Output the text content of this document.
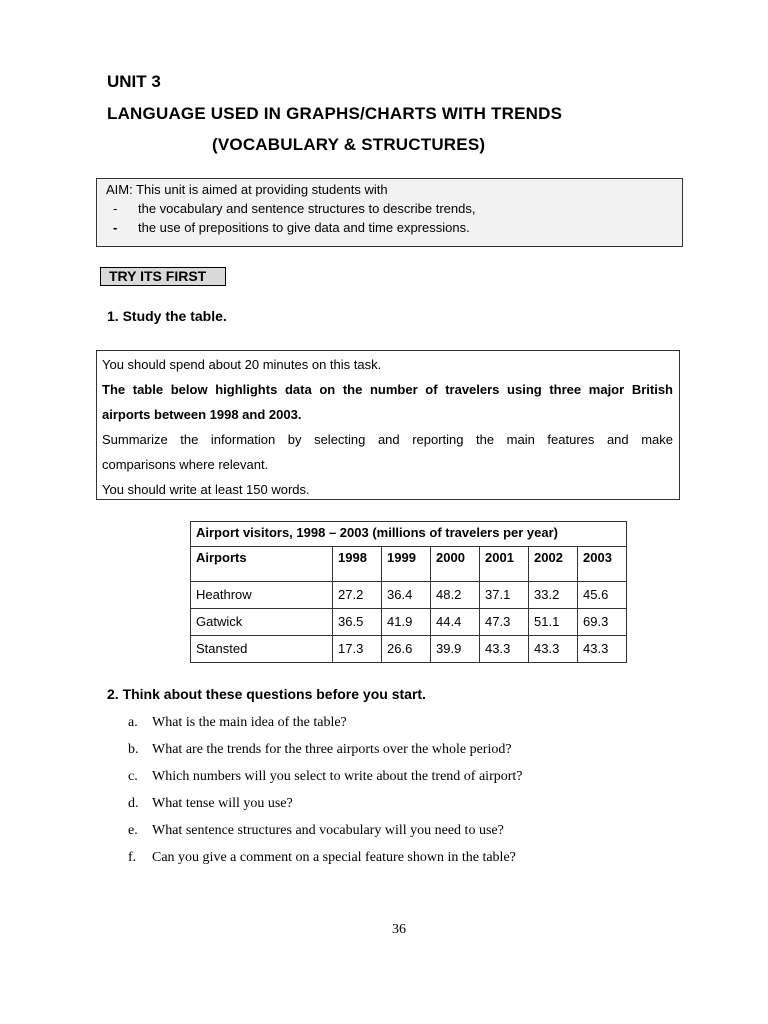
UNIT 3
LANGUAGE USED IN GRAPHS/CHARTS WITH TRENDS
(VOCABULARY & STRUCTURES)
AIM: This unit is aimed at providing students with
- the vocabulary and sentence structures to describe trends,
- the use of prepositions to give data and time expressions.
TRY ITS FIRST
1. Study the table.
You should spend about 20 minutes on this task.
The table below highlights data on the number of travelers using three major British
airports between 1998 and 2003.
Summarize the information by selecting and reporting the main features and make
comparisons where relevant.
You should write at least 150 words.
Airport visitors, 1998 – 2003 (millions of travelers per year)						
Airports	1998	1999	2000	2001	2002	2003
Heathrow	27.2	36.4	48.2	37.1	33.2	45.6
Gatwick	36.5	41.9	44.4	47.3	51.1	69.3
Stansted	17.3	26.6	39.9	43.3	43.3	43.3
2. Think about these questions before you start.
a. What is the main idea of the table?
b. What are the trends for the three airports over the whole period?
c. Which numbers will you select to write about the trend of airport?
d. What tense will you use?
e. What sentence structures and vocabulary will you need to use?
f. Can you give a comment on a special feature shown in the table?
36
